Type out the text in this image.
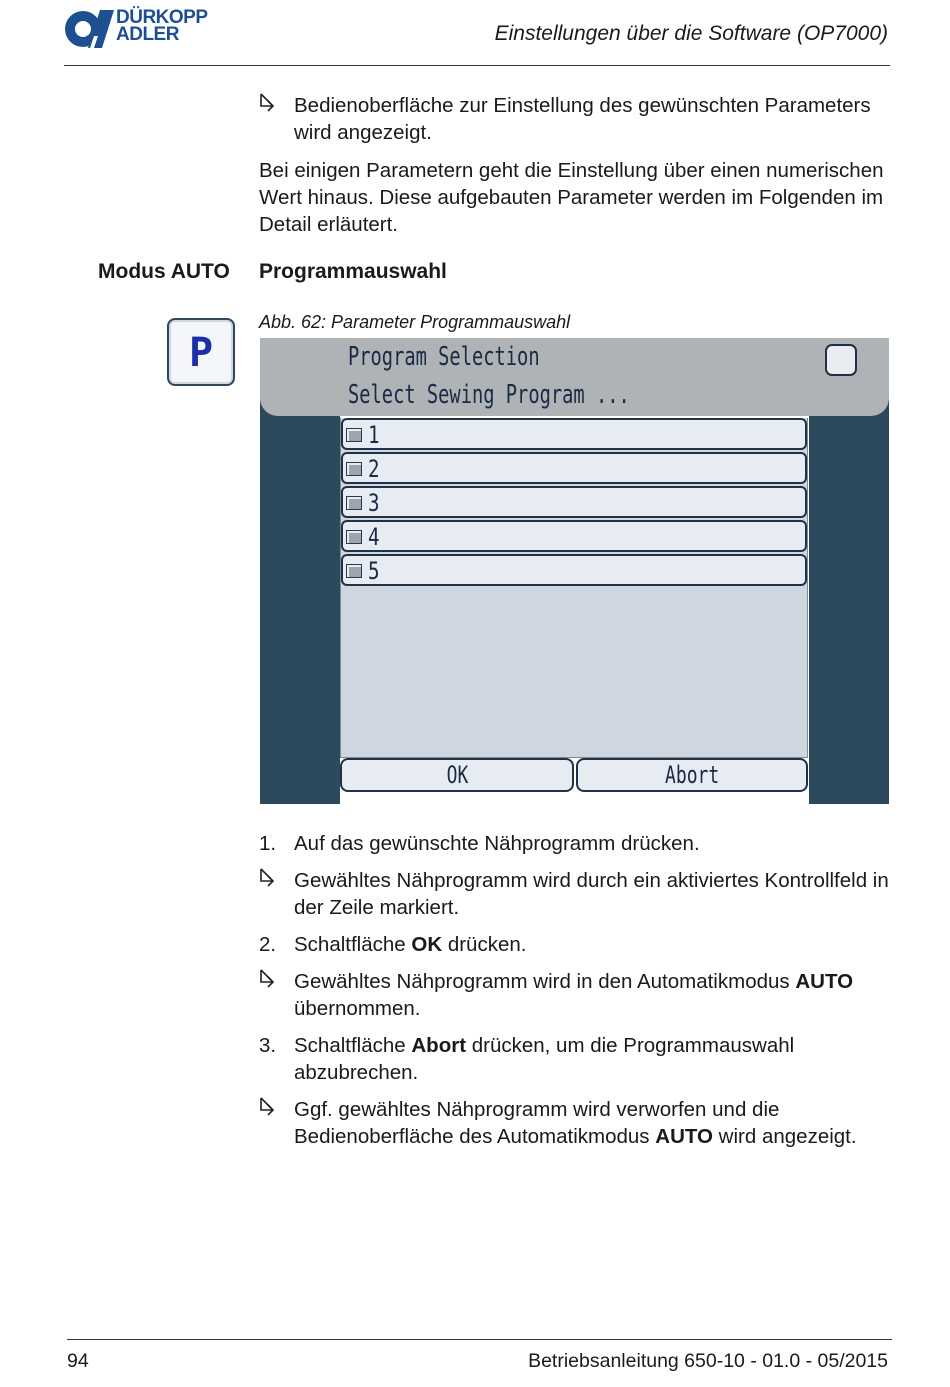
DÜRKOPP
ADLER	Einstellungen über die Software (OP7000)
Bedienoberfläche zur Einstellung des gewünschten Parameters wird angezeigt.
Bei einigen Parametern geht die Einstellung über einen numerischen Wert hinaus. Diese aufgebauten Parameter werden im Folgenden im Detail erläutert.
Modus AUTO Programmauswahl
P
Abb. 62: Parameter Programmauswahl
Program Selection
Select Sewing Program ...
1
2
3
4
5
OK	Abort
1. Auf das gewünschte Nähprogramm drücken.
Gewähltes Nähprogramm wird durch ein aktiviertes Kontrollfeld in der Zeile markiert.
2. Schaltfläche OK drücken.
Gewähltes Nähprogramm wird in den Automatikmodus AUTO übernommen.
3. Schaltfläche Abort drücken, um die Programmauswahl abzubrechen.
Ggf. gewähltes Nähprogramm wird verworfen und die Bedienoberfläche des Automatikmodus AUTO wird angezeigt.
94	Betriebsanleitung 650-10 - 01.0 - 05/2015
